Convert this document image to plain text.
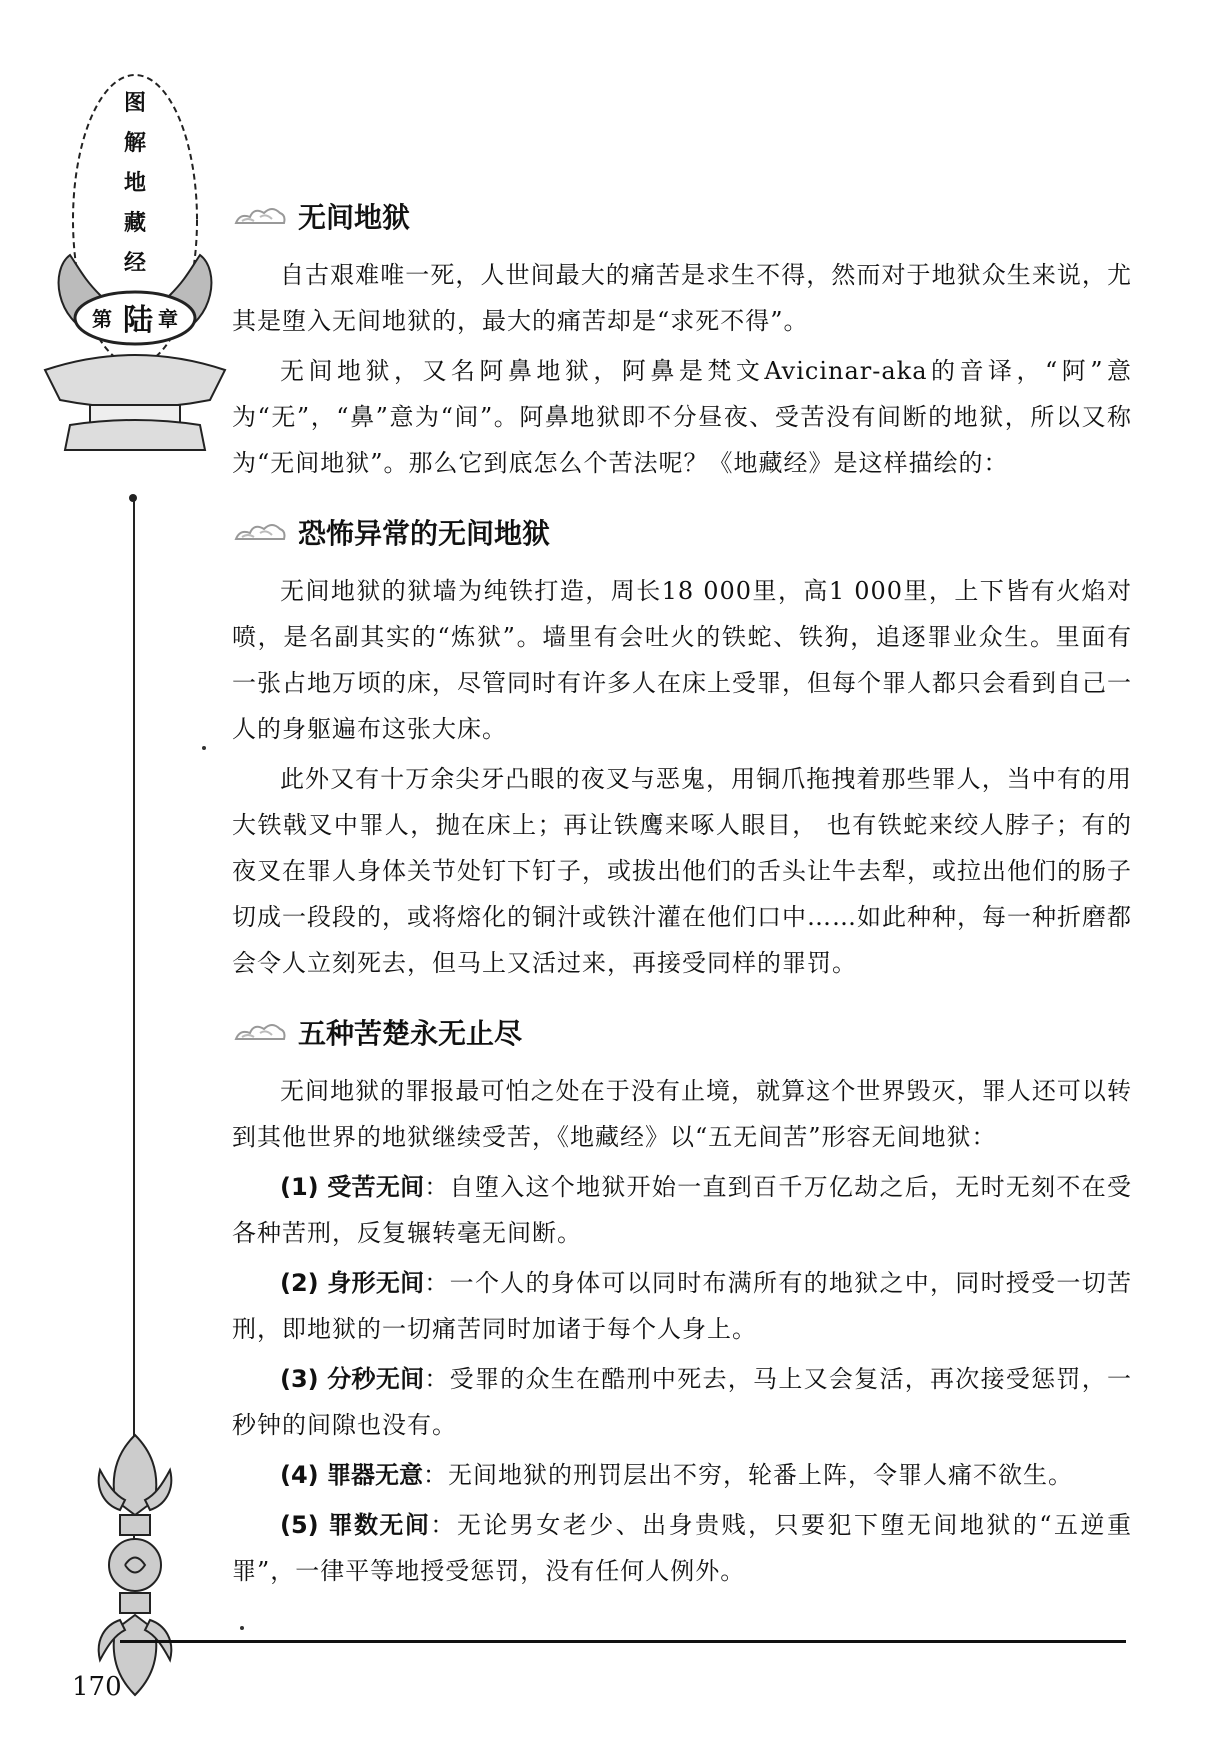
图
解
地
藏
经
第 陆 章
无间地狱

自古艰难唯一死，人世间最大的痛苦是求生不得，然而对于地狱众生来说，尤其是堕入无间地狱的，最大的痛苦却是“求死不得”。

无间地狱，又名阿鼻地狱，阿鼻是梵文Avicinar-aka的音译，“阿”意为“无”，“鼻”意为“间”。阿鼻地狱即不分昼夜、受苦没有间断的地狱，所以又称为“无间地狱”。那么它到底怎么个苦法呢？《地藏经》是这样描绘的：

恐怖异常的无间地狱

无间地狱的狱墙为纯铁打造，周长18 000里，高1 000里，上下皆有火焰对喷，是名副其实的“炼狱”。墙里有会吐火的铁蛇、铁狗，追逐罪业众生。里面有一张占地万顷的床，尽管同时有许多人在床上受罪，但每个罪人都只会看到自己一人的身躯遍布这张大床。

此外又有十万余尖牙凸眼的夜叉与恶鬼，用铜爪拖拽着那些罪人，当中有的用大铁戟叉中罪人，抛在床上；再让铁鹰来啄人眼目， 也有铁蛇来绞人脖子；有的夜叉在罪人身体关节处钉下钉子，或拔出他们的舌头让牛去犁，或拉出他们的肠子切成一段段的，或将熔化的铜汁或铁汁灌在他们口中……如此种种，每一种折磨都会令人立刻死去，但马上又活过来，再接受同样的罪罚。

五种苦楚永无止尽

无间地狱的罪报最可怕之处在于没有止境，就算这个世界毁灭，罪人还可以转到其他世界的地狱继续受苦，《地藏经》以“五无间苦”形容无间地狱：

(1) 受苦无间：自堕入这个地狱开始一直到百千万亿劫之后，无时无刻不在受各种苦刑，反复辗转毫无间断。

(2) 身形无间：一个人的身体可以同时布满所有的地狱之中，同时授受一切苦刑，即地狱的一切痛苦同时加诸于每个人身上。

(3) 分秒无间：受罪的众生在酷刑中死去，马上又会复活，再次接受惩罚，一秒钟的间隙也没有。

(4) 罪器无意：无间地狱的刑罚层出不穷，轮番上阵，令罪人痛不欲生。

(5) 罪数无间：无论男女老少、出身贵贱，只要犯下堕无间地狱的“五逆重罪”，一律平等地授受惩罚，没有任何人例外。

170
